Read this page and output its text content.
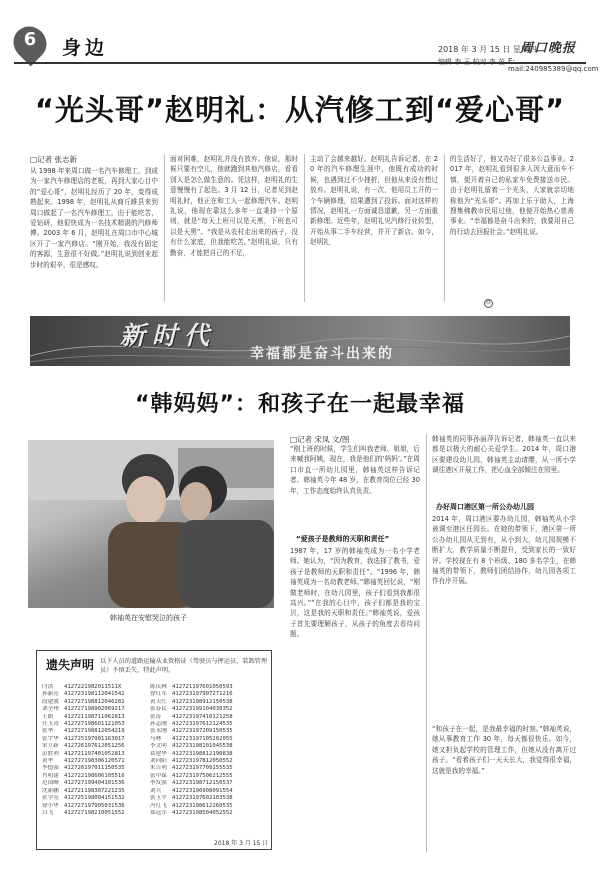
6	身边	2018 年 3 月 15 日 星期四
周口晚报
编辑 李 玉 校对 李 茁 E-mail:240985389@qq.com
“光头哥”赵明礼：从汽修工到“爱心哥”
□记者 张志新
从 1998 年来周口做一名汽车修理工，到成为一家汽车修理店的老板，再到大家心目中的“爱心哥”，赵明礼经历了 20 年，变得成熟起来。1998 年，赵明礼从商丘睢县来到周口做起了一名汽车修理工，由于能吃苦，爱钻研，他很快成为一名技术精湛的汽修师傅。2003 年 6 月，赵明礼在周口市中心城区开了一家汽修店。“刚开始，我没有固定的客源，生意很不好做。”赵明礼说到创业起步时的艰辛，很是感叹。
面对困难，赵明礼并没有放弃。他说，那时候只要有空儿，他就跑到其他汽修店，看看别人是怎么做生意的。凭这样，赵明礼的生意慢慢有了起色。3 月 12 日，记者见到赵明礼时，他正在和工人一起修理汽车。赵明礼说，他现在靠这么多年一直秉持一个原则，就是“每天上班可以是天黑，下班也可以是天黑”。“我是从农村走出来的孩子，没有什么家底，但我能吃苦。”赵明礼说，只有勤奋，才能把自己的不足，
主动了会越来越好。赵明礼告诉记者，在 20 年的汽车修理生涯中，他既有成功的时候，也遇到过不少挫折，但他从来没有想过放弃。赵明礼说，有一次，他用员工开的一个车辆修理，结果遭到了投诉。面对这样的情况，赵明礼一方面诚恳道歉，另一方面重新修理。近些年，赵明礼见汽修行业转型，开始从事二手车经营，并开了新店。如今，赵明礼
的生活好了，他又办好了很多公益事业。2017 年，赵明礼看到很多人因大意而车不慎，便开着自己的私家车免费接送市民。由于赵明礼留着一个光头，大家就亲切地称他为“光头哥”。再加上乐于助人，上海搜集佛教市民用过他，他便开始热心慈善事业。“幸福都是奋斗出来的，我要用自己的行动去回报社会。”赵明礼说。
终
新时代
幸福都是奋斗出来的
“韩妈妈”：和孩子在一起最幸福
韩袖英在安慰哭泣的孩子
□记者 宋凤 文/图
“刚上班的时候，学生们叫我老师、姐姐，后来喊我阿姨，现在，我是他们的‘妈妈’。”在周口市直一所幼儿园里，韩袖英这样告诉记者。韩袖英今年 48 岁，在教育岗位已经 30 年，工作态度始终认真负责。
“爱孩子是教师的天职和责任”
1987 年，17 岁的韩袖英成为一名小学老师。她认为，“因为教育，我选择了教书，爱孩子是教师的天职和责任”。“1996 年，韩袖英成为一名幼教老师。”韩袖英回忆说，“刚做老师时，在幼儿园里，孩子们看到我都很高兴。”“在我的心目中，孩子们都是我的宝贝，这是我的天职和责任。”韩袖英说，爱孩子首先要理解孩子，从孩子的角度去看待问题。
韩袖英的同事孙丽萍告诉记者，韩袖英一直以来都是以极大的耐心关爱学生。2014 年，周口港区要建设幼儿园，韩袖英主动请缨，从一所小学调往港区开展工作，把心血全部倾注在园里。
办好周口港区第一所公办幼儿园
2014 年，周口港区要办幼儿园，韩袖英从小学被调至港区任园长。在她的带领下，港区第一所公办幼儿园从无到有，从小到大，幼儿园规模不断扩大，教学质量不断提升，受到家长的一致好评。学校现在有 8 个班级、180 多名学生，在韩袖英的带领下，教师们团结协作，幼儿园各项工作有序开展。
“和孩子在一起，是我最幸福的时刻。”韩袖英说，她从事教育工作 30 年，每天都很快乐。如今，她又担负起学校的管理工作，但她从没有离开过孩子。“看着孩子们一天天长大，我觉得很幸福，这就是我的幸福。”
遗失声明 以下人员的道路运输从业资格证（驾驶员与押运员、装卸管理员）不慎丢失，特此声明。
闫洪	4127221982011511X	陈庆林 412721197601050593
孙新亮 412723198112041542	徐红军 412723197907271216
段建波 412727198812046281	黄天红 412723198912150538
刘全州 412727198902069217	张春民 412723199104030352
王朗	412721198711062813	张涛	412723197410121258
任玉涛 412727198601121053	孙志刚 412723197612124535
张华	412727198812054219	张永刚 412723197209150535
张宇华 412725197901163017	马林	412723197105202055
宋立新 412726197612051256	李文明 412723198101045538
彭胜利 412721197401052813	葛建华 412723198812190838
黄华	412727198306120571	刘向阳 412723197812050552
李德强 412726197011150535	朱吉利 412723197709155535
肖明建 412722198606105516	张中保 412723197506212555
范国峰 412727199404101536	李发强 412723198712150537
沈新鹏 412721198307221235	刘兵	412723196908091554
张学亮 412725198004151532	张玉平 412723197602103538
徐小华 412727197905031536	冯红飞 412723198612260535
白飞	412727198210051552	郑冠军 412723198504052552
2018 年 3 月 15 日
